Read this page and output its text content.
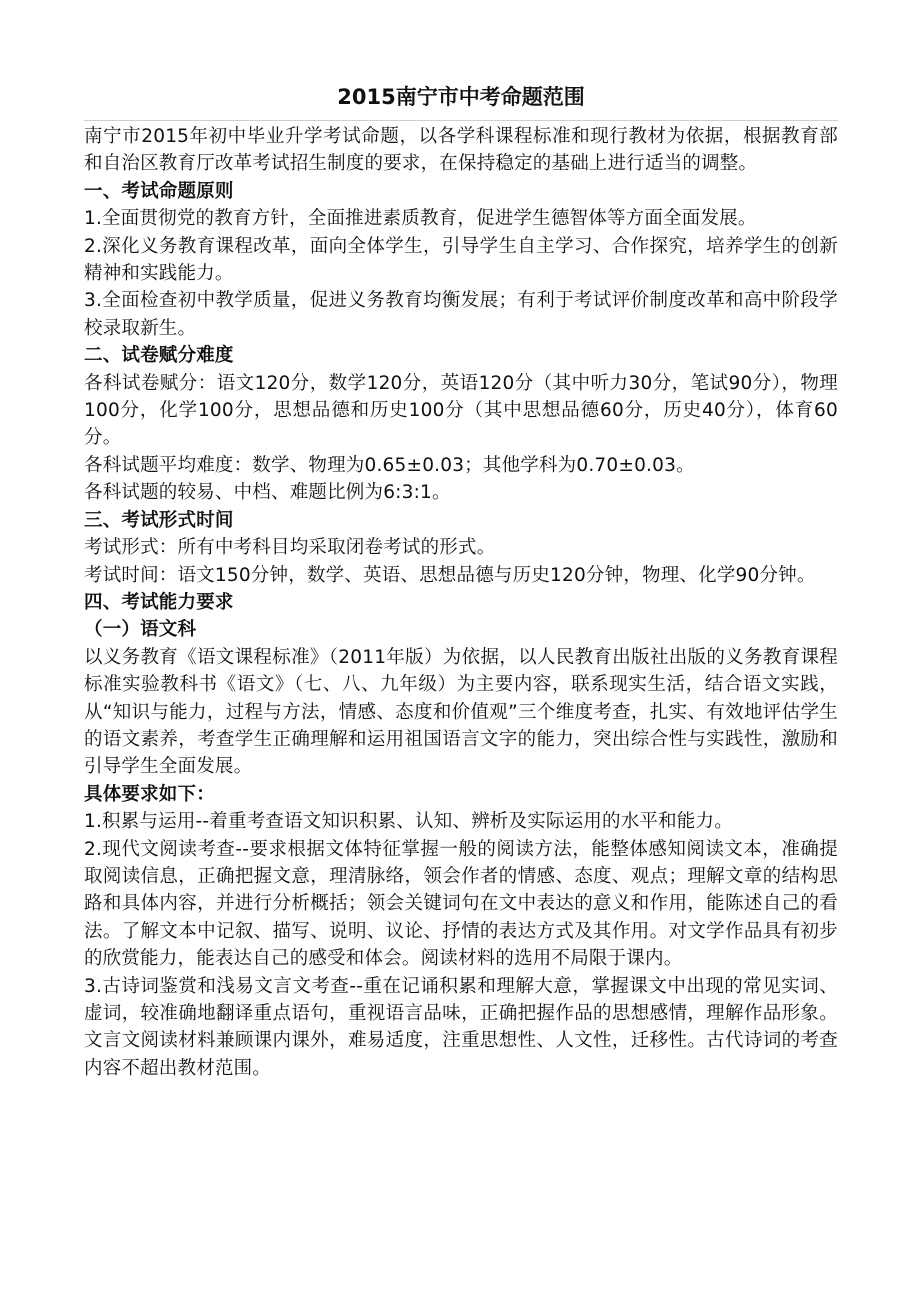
2015南宁市中考命题范围

南宁市2015年初中毕业升学考试命题，以各学科课程标准和现行教材为依据，根据教育部和自治区教育厅改革考试招生制度的要求，在保持稳定的基础上进行适当的调整。

一、考试命题原则

1.全面贯彻党的教育方针，全面推进素质教育，促进学生德智体等方面全面发展。

2.深化义务教育课程改革，面向全体学生，引导学生自主学习、合作探究，培养学生的创新精神和实践能力。

3.全面检查初中教学质量，促进义务教育均衡发展；有利于考试评价制度改革和高中阶段学校录取新生。

二、试卷赋分难度

各科试卷赋分：语文120分，数学120分，英语120分（其中听力30分，笔试90分），物理100分，化学100分，思想品德和历史100分（其中思想品德60分，历史40分），体育60分。

各科试题平均难度：数学、物理为0.65±0.03；其他学科为0.70±0.03。

各科试题的较易、中档、难题比例为6:3:1。

三、考试形式时间

考试形式：所有中考科目均采取闭卷考试的形式。

考试时间：语文150分钟，数学、英语、思想品德与历史120分钟，物理、化学90分钟。

四、考试能力要求

（一）语文科

以义务教育《语文课程标准》（2011年版）为依据，以人民教育出版社出版的义务教育课程标准实验教科书《语文》（七、八、九年级）为主要内容，联系现实生活，结合语文实践，从“知识与能力，过程与方法，情感、态度和价值观”三个维度考查，扎实、有效地评估学生的语文素养，考查学生正确理解和运用祖国语言文字的能力，突出综合性与实践性，激励和引导学生全面发展。

具体要求如下：

1.积累与运用--着重考查语文知识积累、认知、辨析及实际运用的水平和能力。

2.现代文阅读考查--要求根据文体特征掌握一般的阅读方法，能整体感知阅读文本，准确提取阅读信息，正确把握文意，理清脉络，领会作者的情感、态度、观点；理解文章的结构思路和具体内容，并进行分析概括；领会关键词句在文中表达的意义和作用，能陈述自己的看法。了解文本中记叙、描写、说明、议论、抒情的表达方式及其作用。对文学作品具有初步的欣赏能力，能表达自己的感受和体会。阅读材料的选用不局限于课内。

3.古诗词鉴赏和浅易文言文考查--重在记诵积累和理解大意，掌握课文中出现的常见实词、虚词，较准确地翻译重点语句，重视语言品味，正确把握作品的思想感情，理解作品形象。文言文阅读材料兼顾课内课外，难易适度，注重思想性、人文性，迁移性。古代诗词的考查内容不超出教材范围。
